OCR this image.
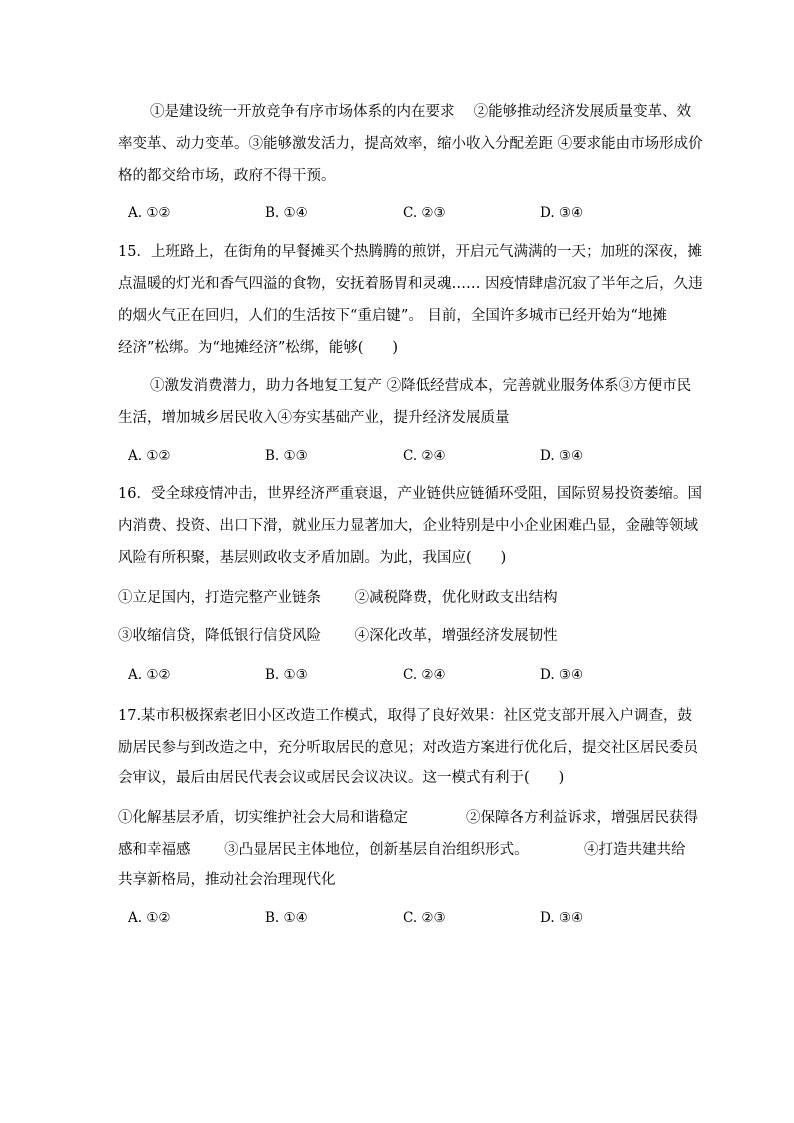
①是建设统一开放竞争有序市场体系的内在要求　 ②能够推动经济发展质量变革、效
率变革、动力变革。③能够激发活力，提高效率，缩小收入分配差距 ④要求能由市场形成价
格的都交给市场，政府不得干预。
A. ①②	B. ①④	C. ②③	D. ③④
15．上班路上，在街角的早餐摊买个热腾腾的煎饼，开启元气满满的一天；加班的深夜，摊
点温暖的灯光和香气四溢的食物，安抚着肠胃和灵魂…… 因疫情肆虐沉寂了半年之后，久违
的烟火气正在回归，人们的生活按下“重启键”。 目前，全国许多城市已经开始为“地摊
经济”松绑。为“地摊经济”松绑，能够(　　)
①激发消费潜力，助力各地复工复产 ②降低经营成本，完善就业服务体系③方便市民
生活，增加城乡居民收入④夯实基础产业，提升经济发展质量
A. ①②	B. ①③	C. ②④	D. ③④
16．受全球疫情冲击，世界经济严重衰退，产业链供应链循环受阻，国际贸易投资萎缩。国
内消费、投资、出口下滑，就业压力显著加大，企业特别是中小企业困难凸显，金融等领域
风险有所积聚，基层则政收支矛盾加剧。为此，我国应(　　)
①立足国内，打造完整产业链条　　 ②减税降费，优化财政支出结构
③收缩信贷，降低银行信贷风险　　 ④深化改革，增强经济发展韧性
A. ①②	B. ①③	C. ②④	D. ③④
17.某市积极探索老旧小区改造工作模式，取得了良好效果：社区党支部开展入户调查，鼓
励居民参与到改造之中，充分听取居民的意见；对改造方案进行优化后，提交社区居民委员
会审议，最后由居民代表会议或居民会议决议。这一模式有利于(　　)
①化解基层矛盾，切实维护社会大局和谐稳定　　　　②保障各方利益诉求，增强居民获得
感和幸福感　　 ③凸显居民主体地位，创新基层自治组织形式。　　　　 ④打造共建共给
共享新格局，推动社会治理现代化
A. ①②	B. ①④	C. ②③	D. ③④
